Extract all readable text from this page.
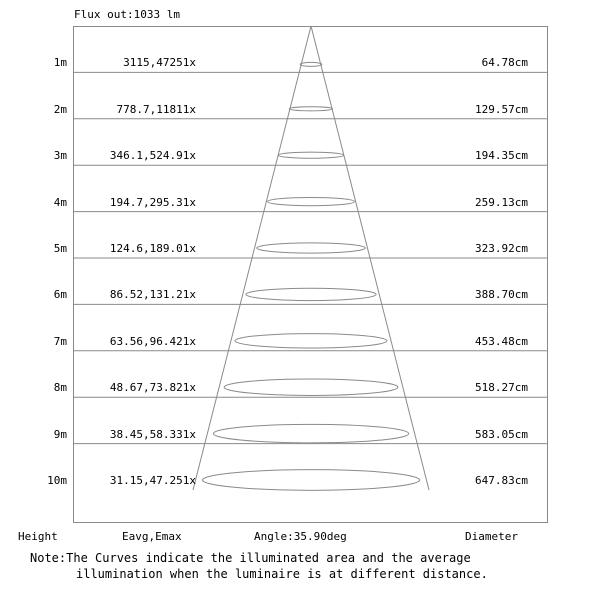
Flux out:1033 lm
1m	3115,47251x	64.78cm
2m	778.7,11811x	129.57cm
3m	346.1,524.91x	194.35cm
4m	194.7,295.31x	259.13cm
5m	124.6,189.01x	323.92cm
6m	86.52,131.21x	388.70cm
7m	63.56,96.421x	453.48cm
8m	48.67,73.821x	518.27cm
9m	38.45,58.331x	583.05cm
10m	31.15,47.251x	647.83cm
Height	Eavg,Emax	Angle:35.90deg	Diameter
Note:The Curves indicate the illuminated area and the average
illumination when the luminaire is at different distance.
